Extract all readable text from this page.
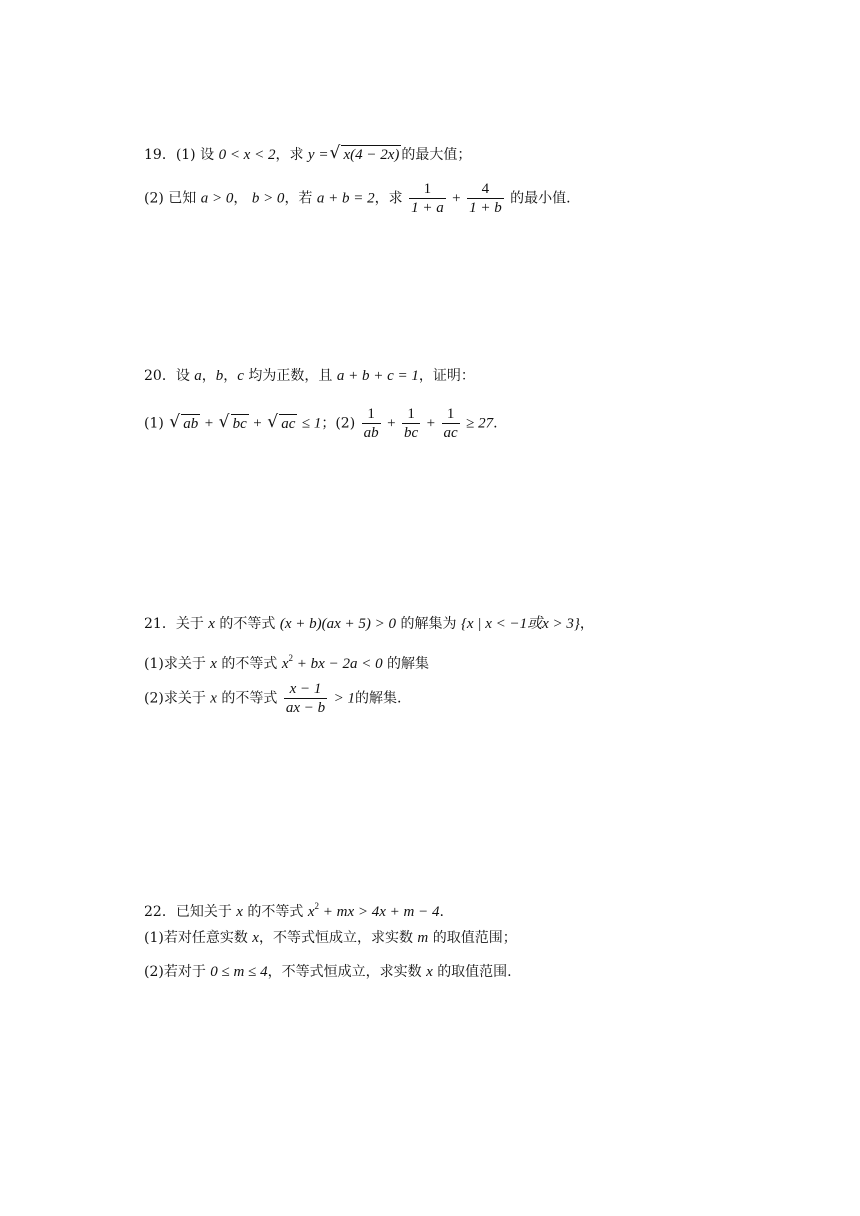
19．(1) 设 0 < x < 2，求 y = √ x(4 − 2x) 的最大值；
(2) 已知 a > 0， b > 0，若 a + b = 2，求 $\frac{1}{1 + a} + \frac{4}{1 + b}$ 的最小值.
20．设 a，b，c 均为正数，且 a + b + c = 1，证明：
(1) √ ab + √ bc + √ ac ≤ 1；$(2) \frac{1}{ab} + \frac{1}{bc} + \frac{1}{ac} \ge 27$.
21．关于 x 的不等式 (x + b)(ax + 5) > 0 的解集为 {x | x < −1或x > 3}，
(1)求关于 x 的不等式 $x^2$ + bx − 2a < 0 的解集
(2)求关于 x 的不等式 $\frac{x - 1}{ax - b} > 1$的解集.
22．已知关于 x 的不等式 $x^2$ + mx > 4x + m − 4.
(1)若对任意实数 x，不等式恒成立，求实数 m 的取值范围；
(2)若对于 0 ≤ m ≤ 4，不等式恒成立，求实数 x 的取值范围.
